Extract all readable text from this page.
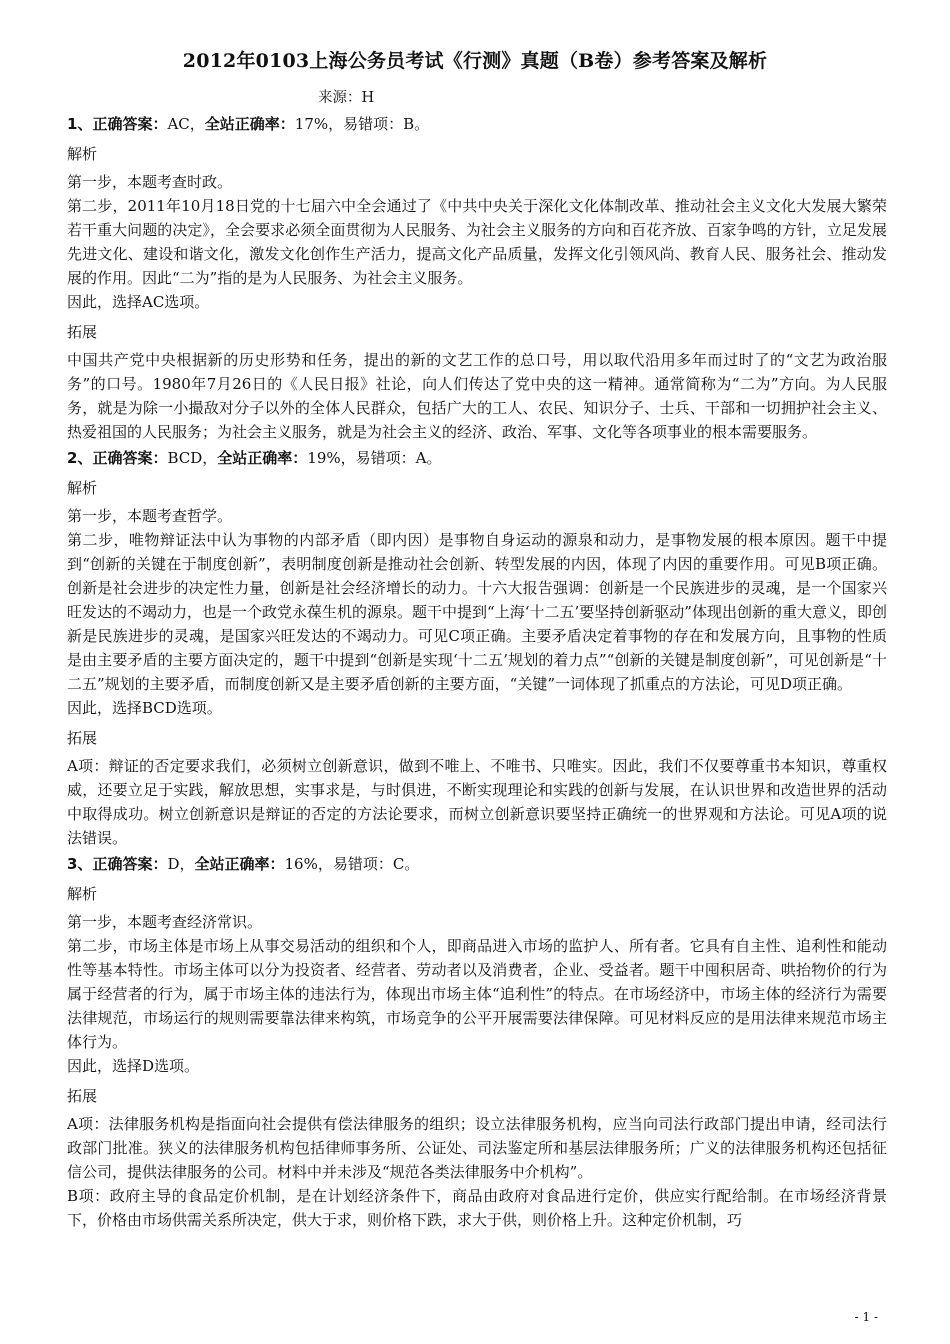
2012年0103上海公务员考试《行测》真题（B卷）参考答案及解析
来源：H
1、正确答案：AC，全站正确率：17%，易错项：B。
解析
第一步，本题考查时政。
第二步，2011年10月18日党的十七届六中全会通过了《中共中央关于深化文化体制改革、推动社会主义文化大发展大繁荣若干重大问题的决定》，全会要求必须全面贯彻为人民服务、为社会主义服务的方向和百花齐放、百家争鸣的方针，立足发展先进文化、建设和谐文化，激发文化创作生产活力，提高文化产品质量，发挥文化引领风尚、教育人民、服务社会、推动发展的作用。因此“二为”指的是为人民服务、为社会主义服务。
因此，选择AC选项。
拓展
中国共产党中央根据新的历史形势和任务，提出的新的文艺工作的总口号，用以取代沿用多年而过时了的“文艺为政治服务”的口号。1980年7月26日的《人民日报》社论，向人们传达了党中央的这一精神。通常简称为“二为”方向。为人民服务，就是为除一小撮敌对分子以外的全体人民群众，包括广大的工人、农民、知识分子、士兵、干部和一切拥护社会主义、热爱祖国的人民服务；为社会主义服务，就是为社会主义的经济、政治、军事、文化等各项事业的根本需要服务。
2、正确答案：BCD，全站正确率：19%，易错项：A。
解析
第一步，本题考查哲学。
第二步，唯物辩证法中认为事物的内部矛盾（即内因）是事物自身运动的源泉和动力，是事物发展的根本原因。题干中提到“创新的关键在于制度创新”，表明制度创新是推动社会创新、转型发展的内因，体现了内因的重要作用。可见B项正确。创新是社会进步的决定性力量，创新是社会经济增长的动力。十六大报告强调：创新是一个民族进步的灵魂，是一个国家兴旺发达的不竭动力，也是一个政党永葆生机的源泉。题干中提到“上海‘十二五’要坚持创新驱动”体现出创新的重大意义，即创新是民族进步的灵魂，是国家兴旺发达的不竭动力。可见C项正确。主要矛盾决定着事物的存在和发展方向，且事物的性质是由主要矛盾的主要方面决定的，题干中提到“创新是实现‘十二五’规划的着力点”“创新的关键是制度创新”，可见创新是“十二五”规划的主要矛盾，而制度创新又是主要矛盾创新的主要方面，“关键”一词体现了抓重点的方法论，可见D项正确。
因此，选择BCD选项。
拓展
A项：辩证的否定要求我们，必须树立创新意识，做到不唯上、不唯书、只唯实。因此，我们不仅要尊重书本知识，尊重权威，还要立足于实践，解放思想，实事求是，与时俱进，不断实现理论和实践的创新与发展，在认识世界和改造世界的活动中取得成功。树立创新意识是辩证的否定的方法论要求，而树立创新意识要坚持正确统一的世界观和方法论。可见A项的说法错误。
3、正确答案：D，全站正确率：16%，易错项：C。
解析
第一步，本题考查经济常识。
第二步，市场主体是市场上从事交易活动的组织和个人，即商品进入市场的监护人、所有者。它具有自主性、追利性和能动性等基本特性。市场主体可以分为投资者、经营者、劳动者以及消费者，企业、受益者。题干中囤积居奇、哄抬物价的行为属于经营者的行为，属于市场主体的违法行为，体现出市场主体“追利性”的特点。在市场经济中，市场主体的经济行为需要法律规范，市场运行的规则需要靠法律来构筑，市场竞争的公平开展需要法律保障。可见材料反应的是用法律来规范市场主体行为。
因此，选择D选项。
拓展
A项：法律服务机构是指面向社会提供有偿法律服务的组织；设立法律服务机构，应当向司法行政部门提出申请，经司法行政部门批准。狭义的法律服务机构包括律师事务所、公证处、司法鉴定所和基层法律服务所；广义的法律服务机构还包括征信公司，提供法律服务的公司。材料中并未涉及“规范各类法律服务中介机构”。
B项：政府主导的食品定价机制，是在计划经济条件下，商品由政府对食品进行定价，供应实行配给制。在市场经济背景下，价格由市场供需关系所决定，供大于求，则价格下跌，求大于供，则价格上升。这种定价机制，巧
- 1 -
